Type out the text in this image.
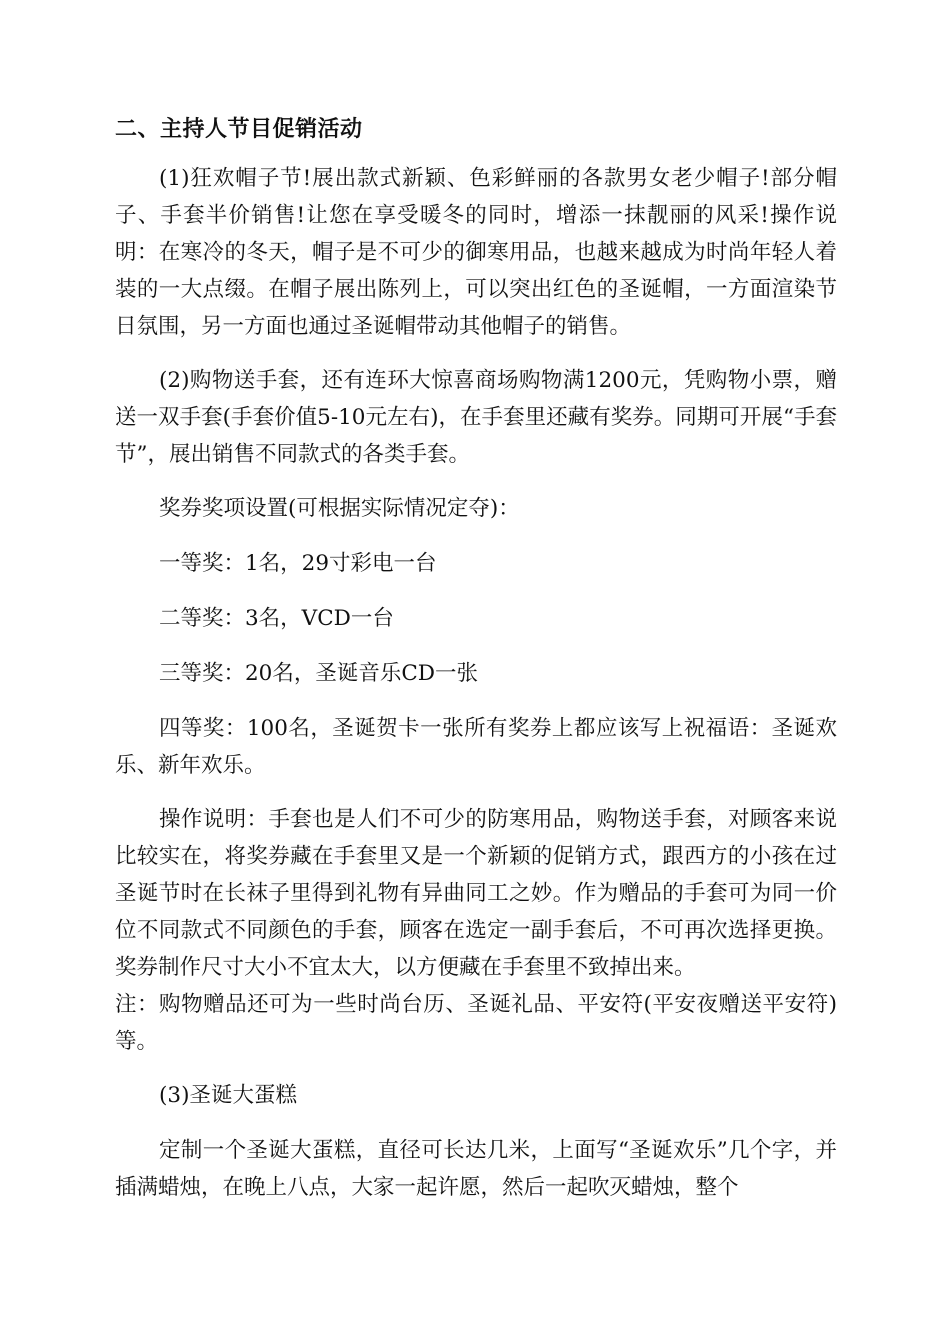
二、主持人节目促销活动

(1)狂欢帽子节!展出款式新颖、色彩鲜丽的各款男女老少帽子!部分帽子、手套半价销售!让您在享受暖冬的同时，增添一抹靓丽的风采!操作说明：在寒冷的冬天，帽子是不可少的御寒用品，也越来越成为时尚年轻人着装的一大点缀。在帽子展出陈列上，可以突出红色的圣诞帽，一方面渲染节日氛围，另一方面也通过圣诞帽带动其他帽子的销售。

(2)购物送手套，还有连环大惊喜商场购物满1200元，凭购物小票，赠送一双手套(手套价值5-10元左右)，在手套里还藏有奖券。同期可开展“手套节”，展出销售不同款式的各类手套。

奖券奖项设置(可根据实际情况定夺)：

一等奖：1名，29寸彩电一台

二等奖：3名，VCD一台

三等奖：20名，圣诞音乐CD一张

四等奖：100名，圣诞贺卡一张所有奖券上都应该写上祝福语：圣诞欢乐、新年欢乐。

操作说明：手套也是人们不可少的防寒用品，购物送手套，对顾客来说比较实在，将奖券藏在手套里又是一个新颖的促销方式，跟西方的小孩在过圣诞节时在长袜子里得到礼物有异曲同工之妙。作为赠品的手套可为同一价位不同款式不同颜色的手套，顾客在选定一副手套后，不可再次选择更换。奖券制作尺寸大小不宜太大，以方便藏在手套里不致掉出来。

注：购物赠品还可为一些时尚台历、圣诞礼品、平安符(平安夜赠送平安符)等。

(3)圣诞大蛋糕

定制一个圣诞大蛋糕，直径可长达几米，上面写“圣诞欢乐”几个字，并插满蜡烛，在晚上八点，大家一起许愿，然后一起吹灭蜡烛，整个
